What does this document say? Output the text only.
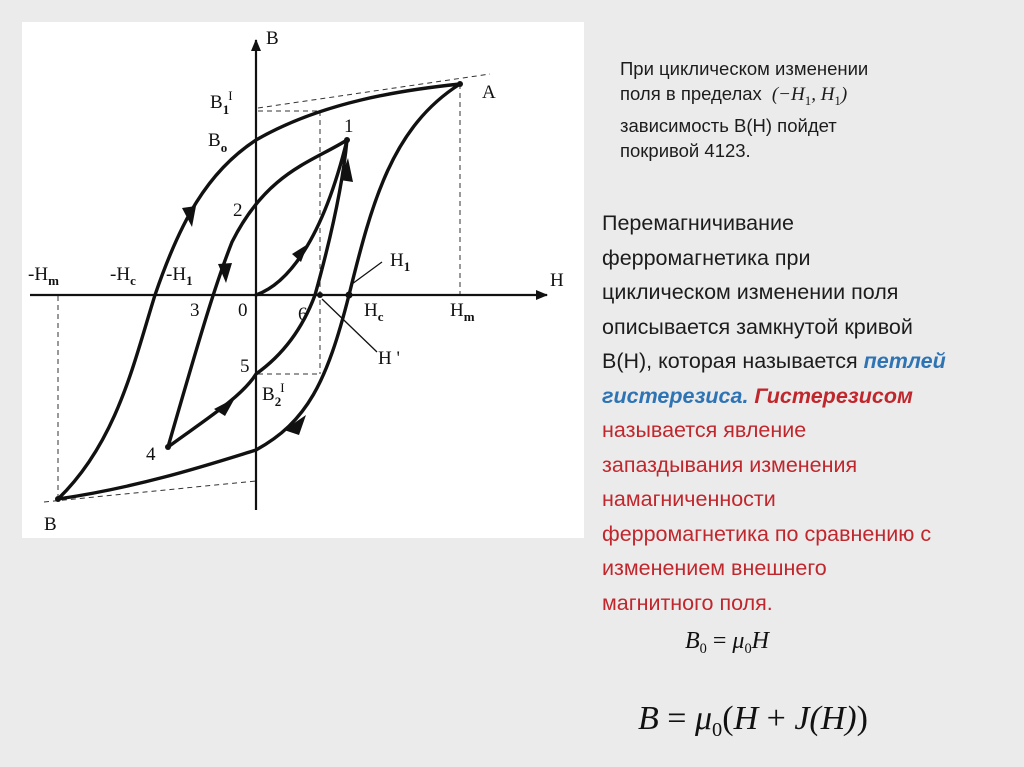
B
H
A
B
$B_1I$
$B_o$
$B_2I$
$-H_m$	$-H_c$ $-H_1$
$H_1$
$H_c$	$H_m$
H '
0
1
2
3
4
5
6
При циклическом изменении
поля в пределах ($-H_1$, $H_1$)
зависимость В(Н) пойдет
покривой 4123.
Перемагничивание
ферромагнетика при
циклическом изменении поля
описывается замкнутой кривой
В(Н), которая называется петлей
гистерезиса. Гистерезисом
называется явление
запаздывания изменения
намагниченности
ферромагнетика по сравнению с
изменением внешнего
магнитного поля.
$B_0 = \mu_0H$
$B = \mu_0(H + J(H))$
